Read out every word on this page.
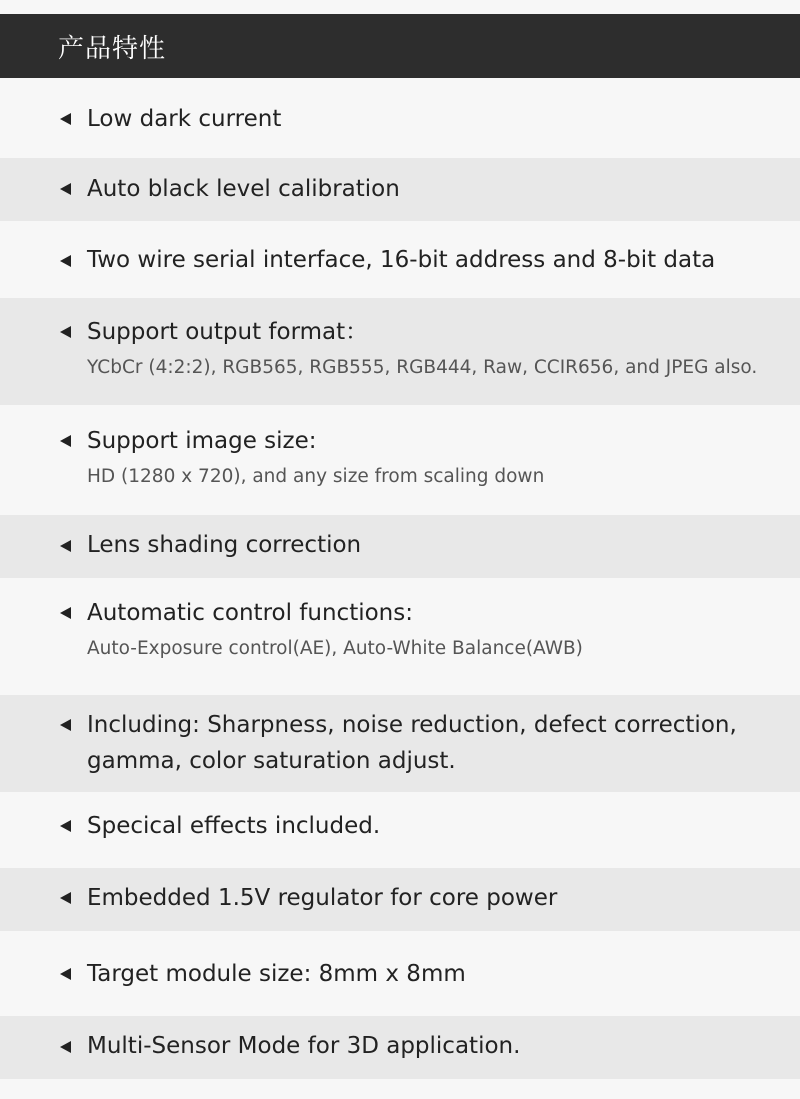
产品特性
Low dark current
Auto black level calibration
Two wire serial interface, 16-bit address and 8-bit data
Support output format：
YCbCr (4:2:2), RGB565, RGB555, RGB444, Raw, CCIR656, and JPEG also.
Support image size:
HD (1280 x 720), and any size from scaling down
Lens shading correction
Automatic control functions:
Auto-Exposure control(AE), Auto-White Balance(AWB)
Including: Sharpness, noise reduction, defect correction, gamma, color saturation adjust.
Specical effects included.
Embedded 1.5V regulator for core power
Target module size: 8mm x 8mm
Multi-Sensor Mode for 3D application.
